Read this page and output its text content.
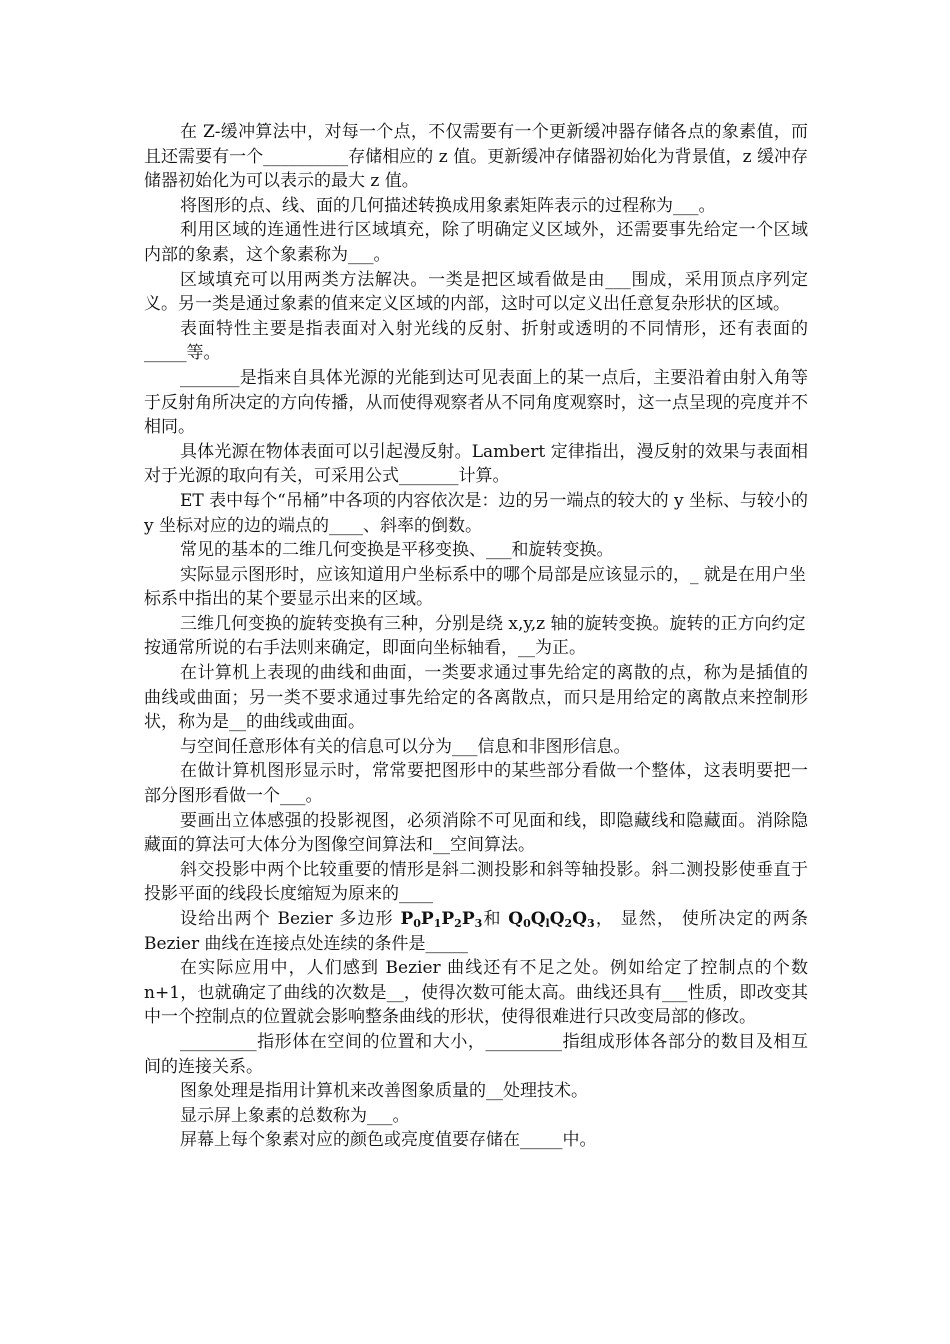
在 Z-缓冲算法中，对每一个点，不仅需要有一个更新缓冲器存储各点的象素值，而且还需要有一个__________存储相应的 z 值。更新缓冲存储器初始化为背景值，z 缓冲存储器初始化为可以表示的最大 z 值。

将图形的点、线、面的几何描述转换成用象素矩阵表示的过程称为___。

利用区域的连通性进行区域填充，除了明确定义区域外，还需要事先给定一个区域内部的象素，这个象素称为___。

区域填充可以用两类方法解决。一类是把区域看做是由___围成，采用顶点序列定义。另一类是通过象素的值来定义区域的内部，这时可以定义出任意复杂形状的区域。

表面特性主要是指表面对入射光线的反射、折射或透明的不同情形，还有表面的_____等。

_______是指来自具体光源的光能到达可见表面上的某一点后，主要沿着由射入角等于反射角所决定的方向传播，从而使得观察者从不同角度观察时，这一点呈现的亮度并不相同。

具体光源在物体表面可以引起漫反射。Lambert 定律指出，漫反射的效果与表面相对于光源的取向有关，可采用公式_______计算。

ET 表中每个“吊桶”中各项的内容依次是：边的另一端点的较大的 y 坐标、与较小的 y 坐标对应的边的端点的____、斜率的倒数。

常见的基本的二维几何变换是平移变换、___和旋转变换。

实际显示图形时，应该知道用户坐标系中的哪个局部是应该显示的，_ 就是在用户坐标系中指出的某个要显示出来的区域。

三维几何变换的旋转变换有三种，分别是绕 x,y,z 轴的旋转变换。旋转的正方向约定按通常所说的右手法则来确定，即面向坐标轴看，__为正。

在计算机上表现的曲线和曲面，一类要求通过事先给定的离散的点，称为是插值的曲线或曲面；另一类不要求通过事先给定的各离散点，而只是用给定的离散点来控制形状，称为是__的曲线或曲面。

与空间任意形体有关的信息可以分为___信息和非图形信息。

在做计算机图形显示时，常常要把图形中的某些部分看做一个整体，这表明要把一部分图形看做一个___。

要画出立体感强的投影视图，必须消除不可见面和线，即隐藏线和隐藏面。消除隐藏面的算法可大体分为图像空间算法和__空间算法。

斜交投影中两个比较重要的情形是斜二测投影和斜等轴投影。斜二测投影使垂直于投影平面的线段长度缩短为原来的____

设给出两个 Bezier 多边形 $P_0P_1P_2P_3$和 $Q_0Q_lQ_2Q_3$， 显然， 使所决定的两条 Bezier 曲线在连接点处连续的条件是_____

在实际应用中，人们感到 Bezier 曲线还有不足之处。例如给定了控制点的个数 n+1，也就确定了曲线的次数是__，使得次数可能太高。曲线还具有___性质，即改变其中一个控制点的位置就会影响整条曲线的形状，使得很难进行只改变局部的修改。

_________指形体在空间的位置和大小，_________指组成形体各部分的数目及相互间的连接关系。

图象处理是指用计算机来改善图象质量的__处理技术。

显示屏上象素的总数称为___。

屏幕上每个象素对应的颜色或亮度值要存储在_____中。
